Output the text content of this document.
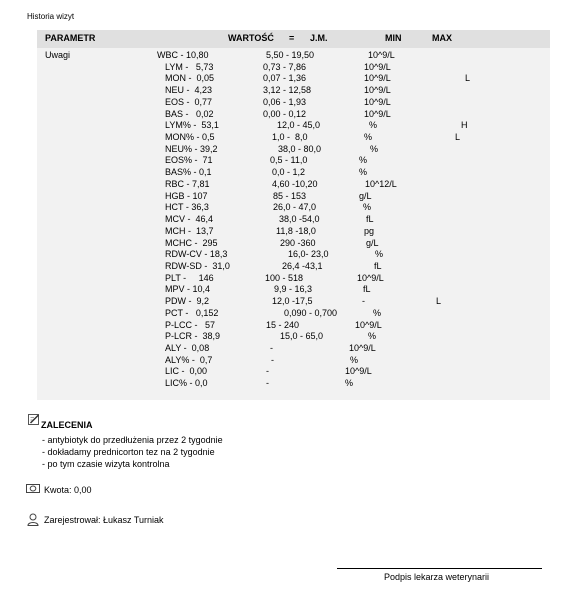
Historia wizyt
PARAMETR	WARTOŚĆ = J.M.	MIN	MAX
Uwagi	WBC - 10,80	5,50 - 19,50	10^9/L
LYM -   5,73	0,73 - 7,86	10^9/L
MON -  0,05	0,07 - 1,36	10^9/L	L
NEU -  4,23	3,12 - 12,58	10^9/L
EOS -  0,77	0,06 - 1,93	10^9/L
BAS -   0,02	0,00 - 0,12	10^9/L
LYM% -  53,1	12,0 - 45,0	%	H
MON% - 0,5	1,0 -  8,0	%	L
NEU% - 39,2	38,0 - 80,0	%
EOS% -  71	0,5 - 11,0	%
BAS% - 0,1	0,0 - 1,2	%
RBC - 7,81	4,60 -10,20	10^12/L
HGB - 107	85 - 153	g/L
HCT - 36,3	26,0 - 47,0	%
MCV -  46,4	38,0 -54,0	fL
MCH -  13,7	11,8 -18,0	pg
MCHC -  295	290 -360	g/L
RDW-CV - 18,3	16,0- 23,0	%
RDW-SD -  31,0	26,4 -43,1	fL
PLT -     146	100 - 518	10^9/L
MPV - 10,4	9,9 - 16,3	fL
PDW -  9,2	12,0 -17,5	-	L
PCT -   0,152	0,090 - 0,700	%
P-LCC -   57	15 - 240	10^9/L
P-LCR -  38,9	15,0 - 65,0	%
ALY -  0,08	-	10^9/L
ALY% -  0,7	-	%
LIC -  0,00	-	10^9/L
LIC% - 0,0	-	%
ZALECENIA
- antybiotyk do przedłużenia przez 2 tygodnie
- dokładamy prednicorton tez na 2 tygodnie
- po tym czasie wizyta kontrolna
Kwota: 0,00
Zarejestrował: Łukasz Turniak
Podpis lekarza weterynarii
